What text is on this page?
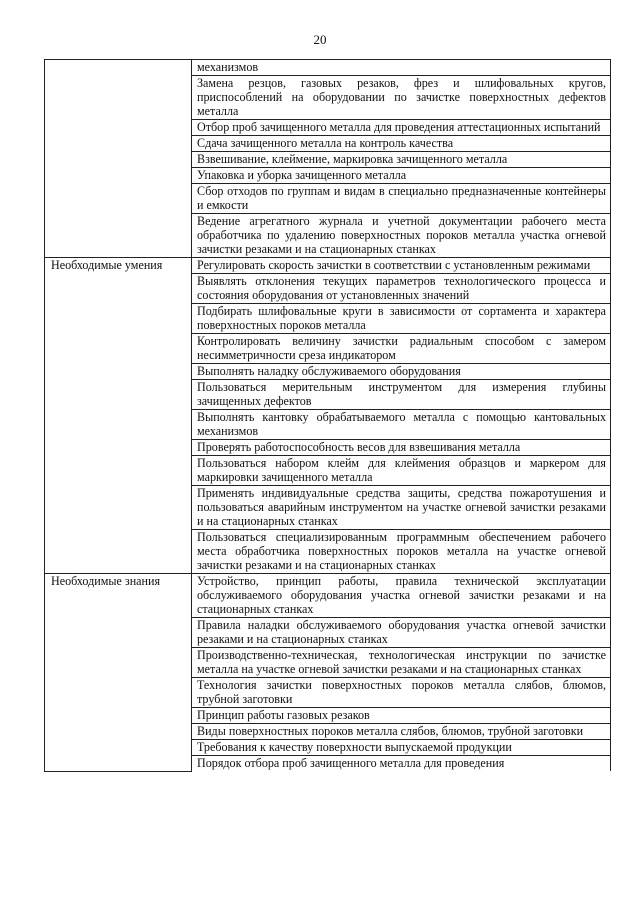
20
	механизмов
	Замена резцов, газовых резаков, фрез и шлифовальных кругов, приспособлений на оборудовании по зачистке поверхностных дефектов металла
	Отбор проб зачищенного металла для проведения аттестационных испытаний
	Сдача зачищенного металла на контроль качества
	Взвешивание, клеймение, маркировка зачищенного металла
	Упаковка и уборка зачищенного металла
	Сбор отходов по группам и видам в специально предназначенные контейнеры и емкости
	Ведение агрегатного журнала и учетной документации рабочего места обработчика по удалению поверхностных пороков металла участка огневой зачистки резаками и на стационарных станках
Необходимые умения	Регулировать скорость зачистки в соответствии с установленным режимами
	Выявлять отклонения текущих параметров технологического процесса и состояния оборудования от установленных значений
	Подбирать шлифовальные круги в зависимости от сортамента и характера поверхностных пороков металла
	Контролировать величину зачистки радиальным способом с замером несимметричности среза индикатором
	Выполнять наладку обслуживаемого оборудования
	Пользоваться мерительным инструментом для измерения глубины зачищенных дефектов
	Выполнять кантовку обрабатываемого металла с помощью кантовальных механизмов
	Проверять работоспособность весов для взвешивания металла
	Пользоваться набором клейм для клеймения образцов и маркером для маркировки зачищенного металла
	Применять индивидуальные средства защиты, средства пожаротушения и пользоваться аварийным инструментом на участке огневой зачистки резаками и на стационарных станках
	Пользоваться специализированным программным обеспечением рабочего места обработчика поверхностных пороков металла на участке огневой зачистки резаками и на стационарных станках
Необходимые знания	Устройство, принцип работы, правила технической эксплуатации обслуживаемого оборудования участка огневой зачистки резаками и на стационарных станках
	Правила наладки обслуживаемого оборудования участка огневой зачистки резаками и на стационарных станках
	Производственно-техническая, технологическая инструкции по зачистке металла на участке огневой зачистки резаками и на стационарных станках
	Технология зачистки поверхностных пороков металла слябов, блюмов, трубной заготовки
	Принцип работы газовых резаков
	Виды поверхностных пороков металла слябов, блюмов, трубной заготовки
	Требования к качеству поверхности выпускаемой продукции
	Порядок отбора проб зачищенного металла для проведения
